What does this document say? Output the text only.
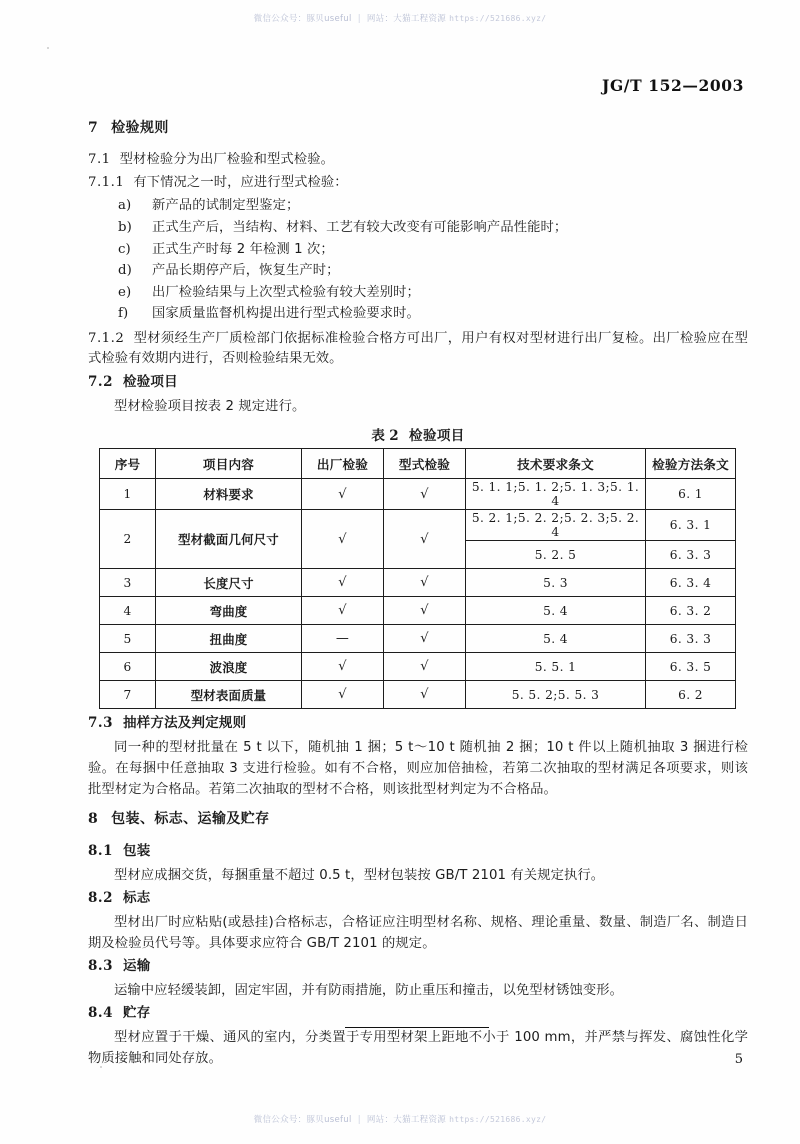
微信公众号：豚贝useful | 网站：大猫工程资源 https://521686.xyz/
JG/T 152—2003
7 检验规则

7.1 型材检验分为出厂检验和型式检验。

7.1.1 有下情况之一时，应进行型式检验：

a) 新产品的试制定型鉴定；
b) 正式生产后，当结构、材料、工艺有较大改变有可能影响产品性能时；
c) 正式生产时每 2 年检测 1 次；
d) 产品长期停产后，恢复生产时；
e) 出厂检验结果与上次型式检验有较大差别时；
f) 国家质量监督机构提出进行型式检验要求时。

7.1.2 型材须经生产厂质检部门依据标准检验合格方可出厂，用户有权对型材进行出厂复检。出厂检验应在型式检验有效期内进行，否则检验结果无效。

7.2 检验项目

型材检验项目按表 2 规定进行。

表 2 检验项目
序号	项目内容	出厂检验	型式检验	技术要求条文	检验方法条文
1	材料要求	√	√	5. 1. 1;5. 1. 2;5. 1. 3;5. 1. 4	6. 1
2	型材截面几何尺寸	√	√	5. 2. 1;5. 2. 2;5. 2. 3;5. 2. 4	6. 3. 1
				5. 2. 5	6. 3. 3
3	长度尺寸	√	√	5. 3	6. 3. 4
4	弯曲度	√	√	5. 4	6. 3. 2
5	扭曲度	—	√	5. 4	6. 3. 3
6	波浪度	√	√	5. 5. 1	6. 3. 5
7	型材表面质量	√	√	5. 5. 2;5. 5. 3	6. 2
7.3 抽样方法及判定规则

同一种的型材批量在 5 t 以下，随机抽 1 捆；5 t～10 t 随机抽 2 捆；10 t 件以上随机抽取 3 捆进行检验。在每捆中任意抽取 3 支进行检验。如有不合格，则应加倍抽检，若第二次抽取的型材满足各项要求，则该批型材定为合格品。若第二次抽取的型材不合格，则该批型材判定为不合格品。

8 包装、标志、运输及贮存
8.1 包装

型材应成捆交货，每捆重量不超过 0.5 t，型材包装按 GB/T 2101 有关规定执行。

8.2 标志

型材出厂时应粘贴(或悬挂)合格标志，合格证应注明型材名称、规格、理论重量、数量、制造厂名、制造日期及检验员代号等。具体要求应符合 GB/T 2101 的规定。

8.3 运输

运输中应轻缓装卸，固定牢固，并有防雨措施，防止重压和撞击，以免型材锈蚀变形。

8.4 贮存

型材应置于干燥、通风的室内，分类置于专用型材架上距地不小于 100 mm，并严禁与挥发、腐蚀性化学物质接触和同处存放。	5
微信公众号：豚贝useful | 网站：大猫工程资源 https://521686.xyz/
